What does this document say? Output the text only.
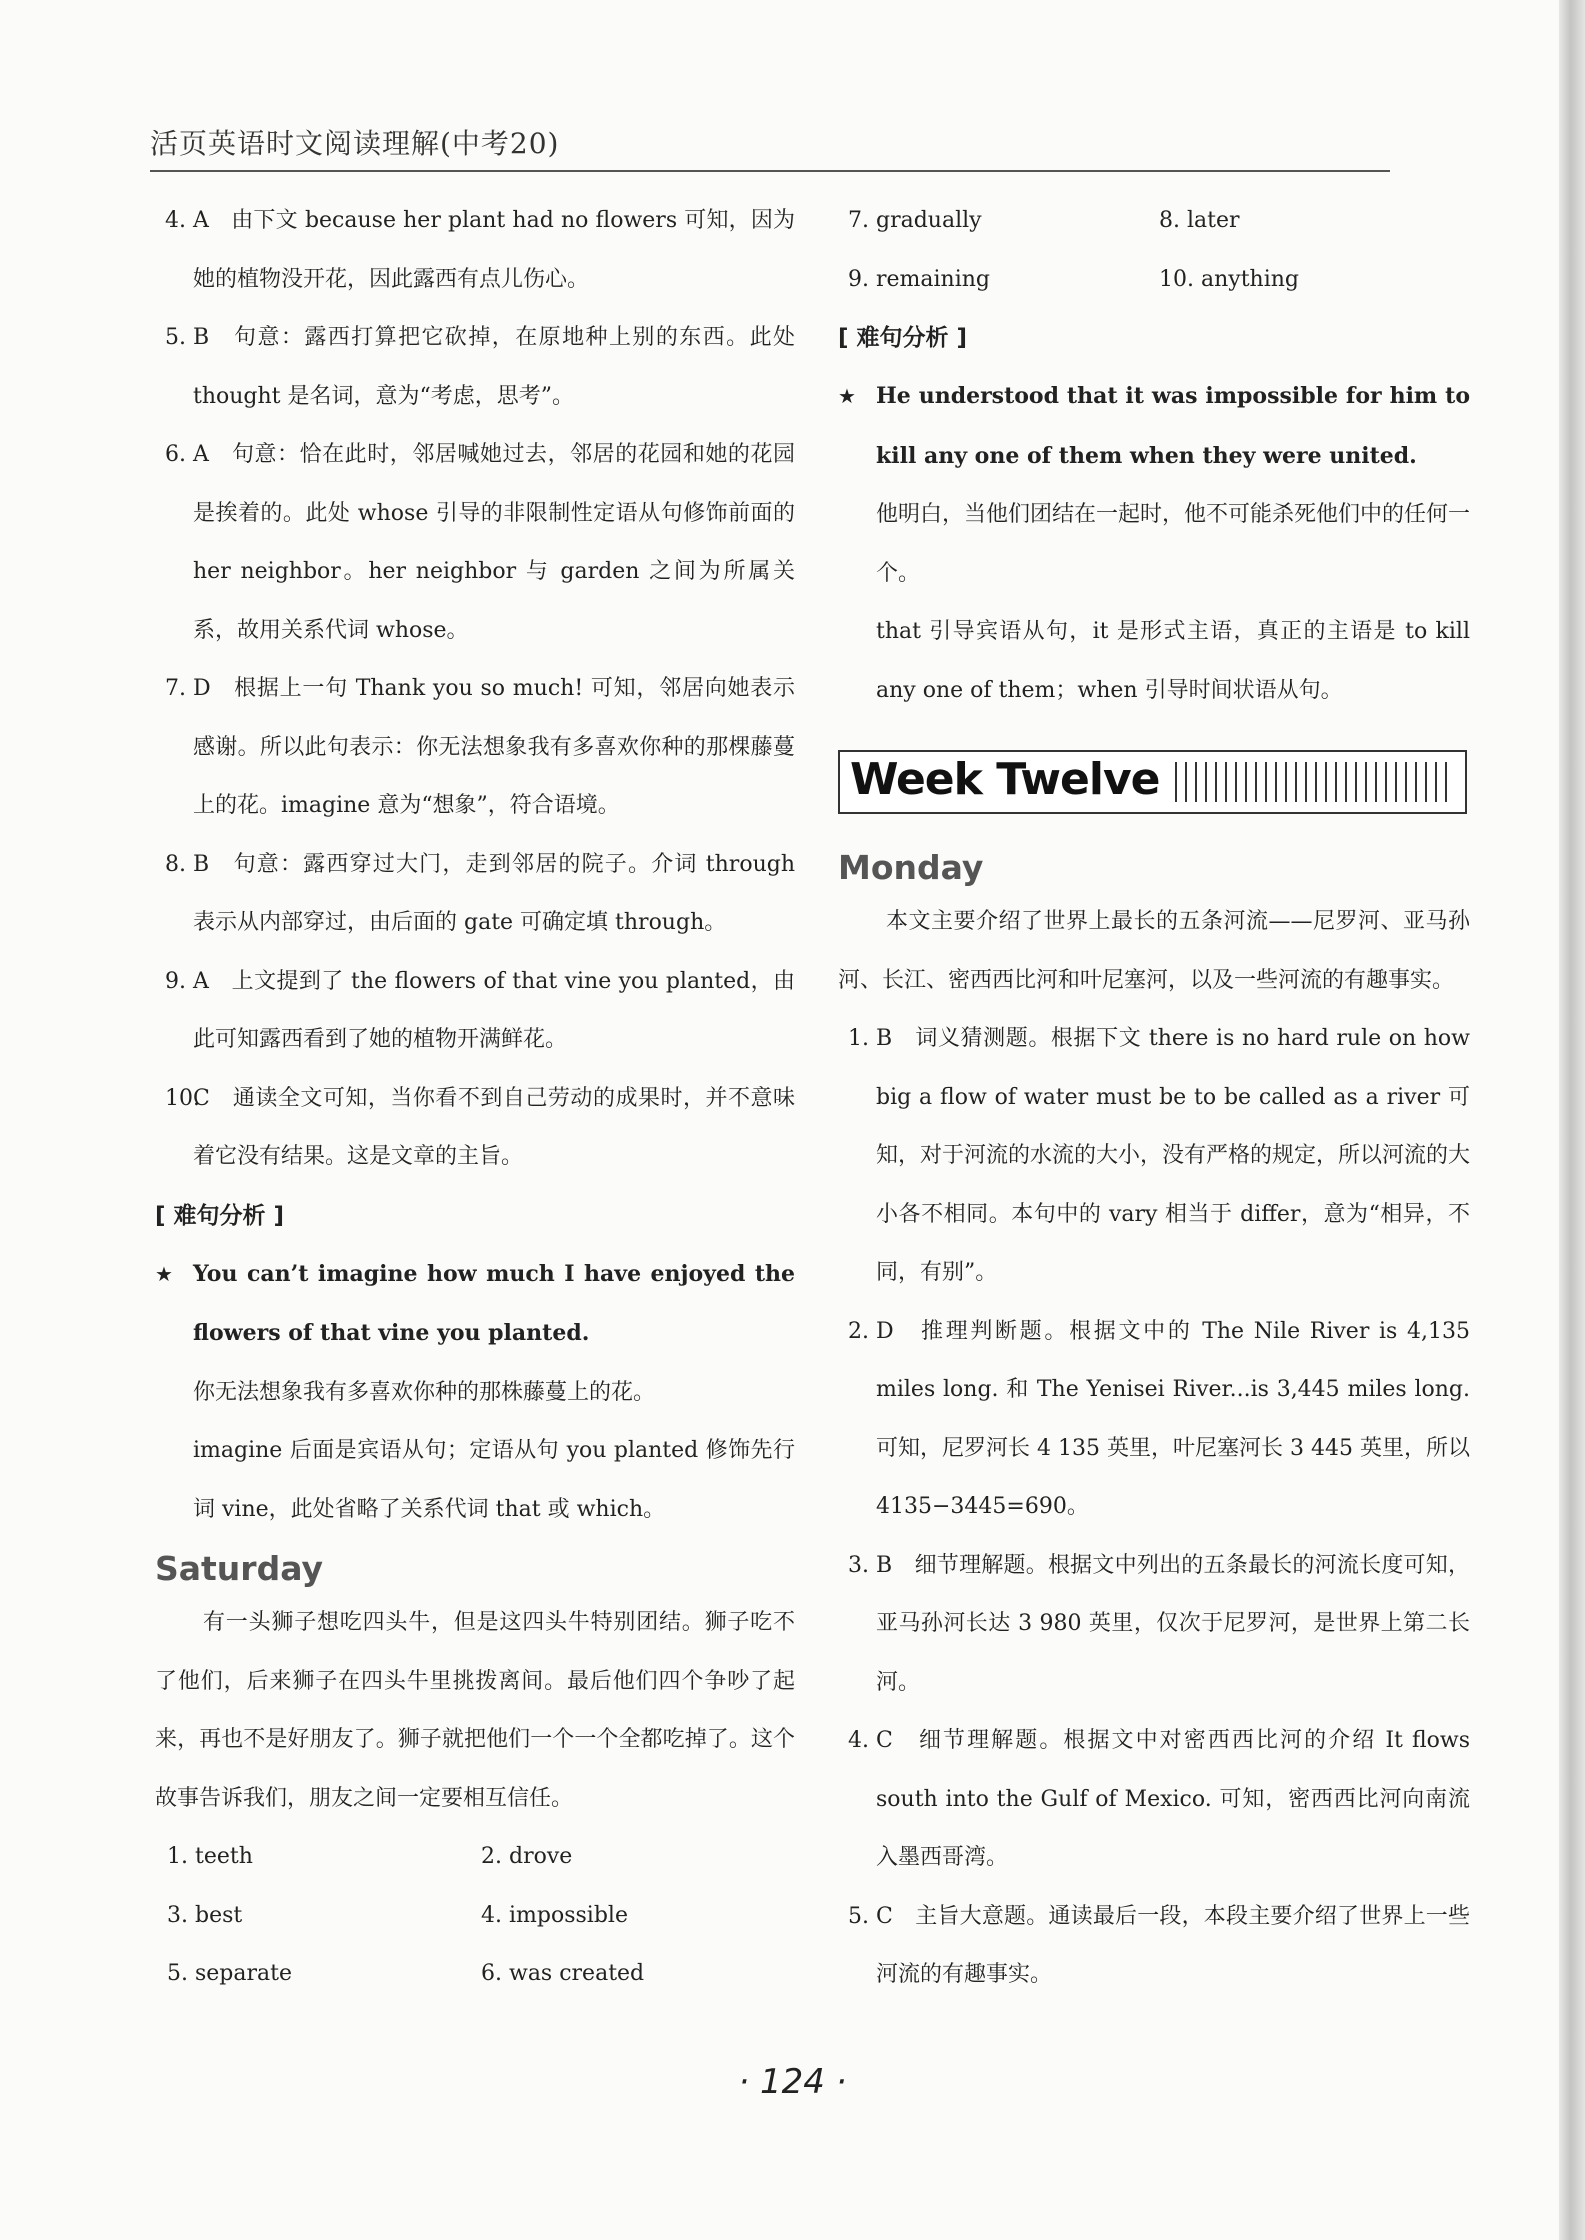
活页英语时文阅读理解(中考20)
4. A　由下文 because her plant had no flowers 可知，因为她的植物没开花，因此露西有点儿伤心。
5. B　句意：露西打算把它砍掉，在原地种上别的东西。此处 thought 是名词，意为“考虑，思考”。
6. A　句意：恰在此时，邻居喊她过去，邻居的花园和她的花园是挨着的。此处 whose 引导的非限制性定语从句修饰前面的 her neighbor。her neighbor 与 garden 之间为所属关系，故用关系代词 whose。
7. D　根据上一句 Thank you so much! 可知，邻居向她表示感谢。所以此句表示：你无法想象我有多喜欢你种的那棵藤蔓上的花。imagine 意为“想象”，符合语境。
8. B　句意：露西穿过大门，走到邻居的院子。介词 through 表示从内部穿过，由后面的 gate 可确定填 through。
9. A　上文提到了 the flowers of that vine you planted，由此可知露西看到了她的植物开满鲜花。
10.
C　通读全文可知，当你看不到自己劳动的成果时，并不意味着它没有结果。这是文章的主旨。

[ 难句分析 ]

★ You can’t imagine how much I have enjoyed the flowers of that vine you planted.

你无法想象我有多喜欢你种的那株藤蔓上的花。

imagine 后面是宾语从句；定语从句 you planted 修饰先行词 vine，此处省略了关系代词 that 或 which。

Saturday

有一头狮子想吃四头牛，但是这四头牛特别团结。狮子吃不了他们，后来狮子在四头牛里挑拨离间。最后他们四个争吵了起来，再也不是好朋友了。狮子就把他们一个一个全都吃掉了。这个故事告诉我们，朋友之间一定要相互信任。

1. teeth	2. drove
3. best	4. impossible
5. separate	6. was created
7. gradually	8. later
9. remaining	10. anything

[ 难句分析 ]

★ He understood that it was impossible for him to kill any one of them when they were united.

他明白，当他们团结在一起时，他不可能杀死他们中的任何一个。

that 引导宾语从句，it 是形式主语，真正的主语是 to kill any one of them；when 引导时间状语从句。

Week Twelve

Monday

本文主要介绍了世界上最长的五条河流——尼罗河、亚马孙河、长江、密西西比河和叶尼塞河，以及一些河流的有趣事实。

1. B　词义猜测题。根据下文 there is no hard rule on how big a flow of water must be to be called as a river 可知，对于河流的水流的大小，没有严格的规定，所以河流的大小各不相同。本句中的 vary 相当于 differ，意为“相异，不同，有别”。
2. D　推理判断题。根据文中的 The Nile River is 4,135 miles long. 和 The Yenisei River...is 3,445 miles long. 可知，尼罗河长 4 135 英里，叶尼塞河长 3 445 英里，所以 4135−3445=690。
3. B　细节理解题。根据文中列出的五条最长的河流长度可知，亚马孙河长达 3 980 英里，仅次于尼罗河，是世界上第二长河。
4. C　细节理解题。根据文中对密西西比河的介绍 It flows south into the Gulf of Mexico. 可知，密西西比河向南流入墨西哥湾。
5. C　主旨大意题。通读最后一段，本段主要介绍了世界上一些河流的有趣事实。
· 124 ·
